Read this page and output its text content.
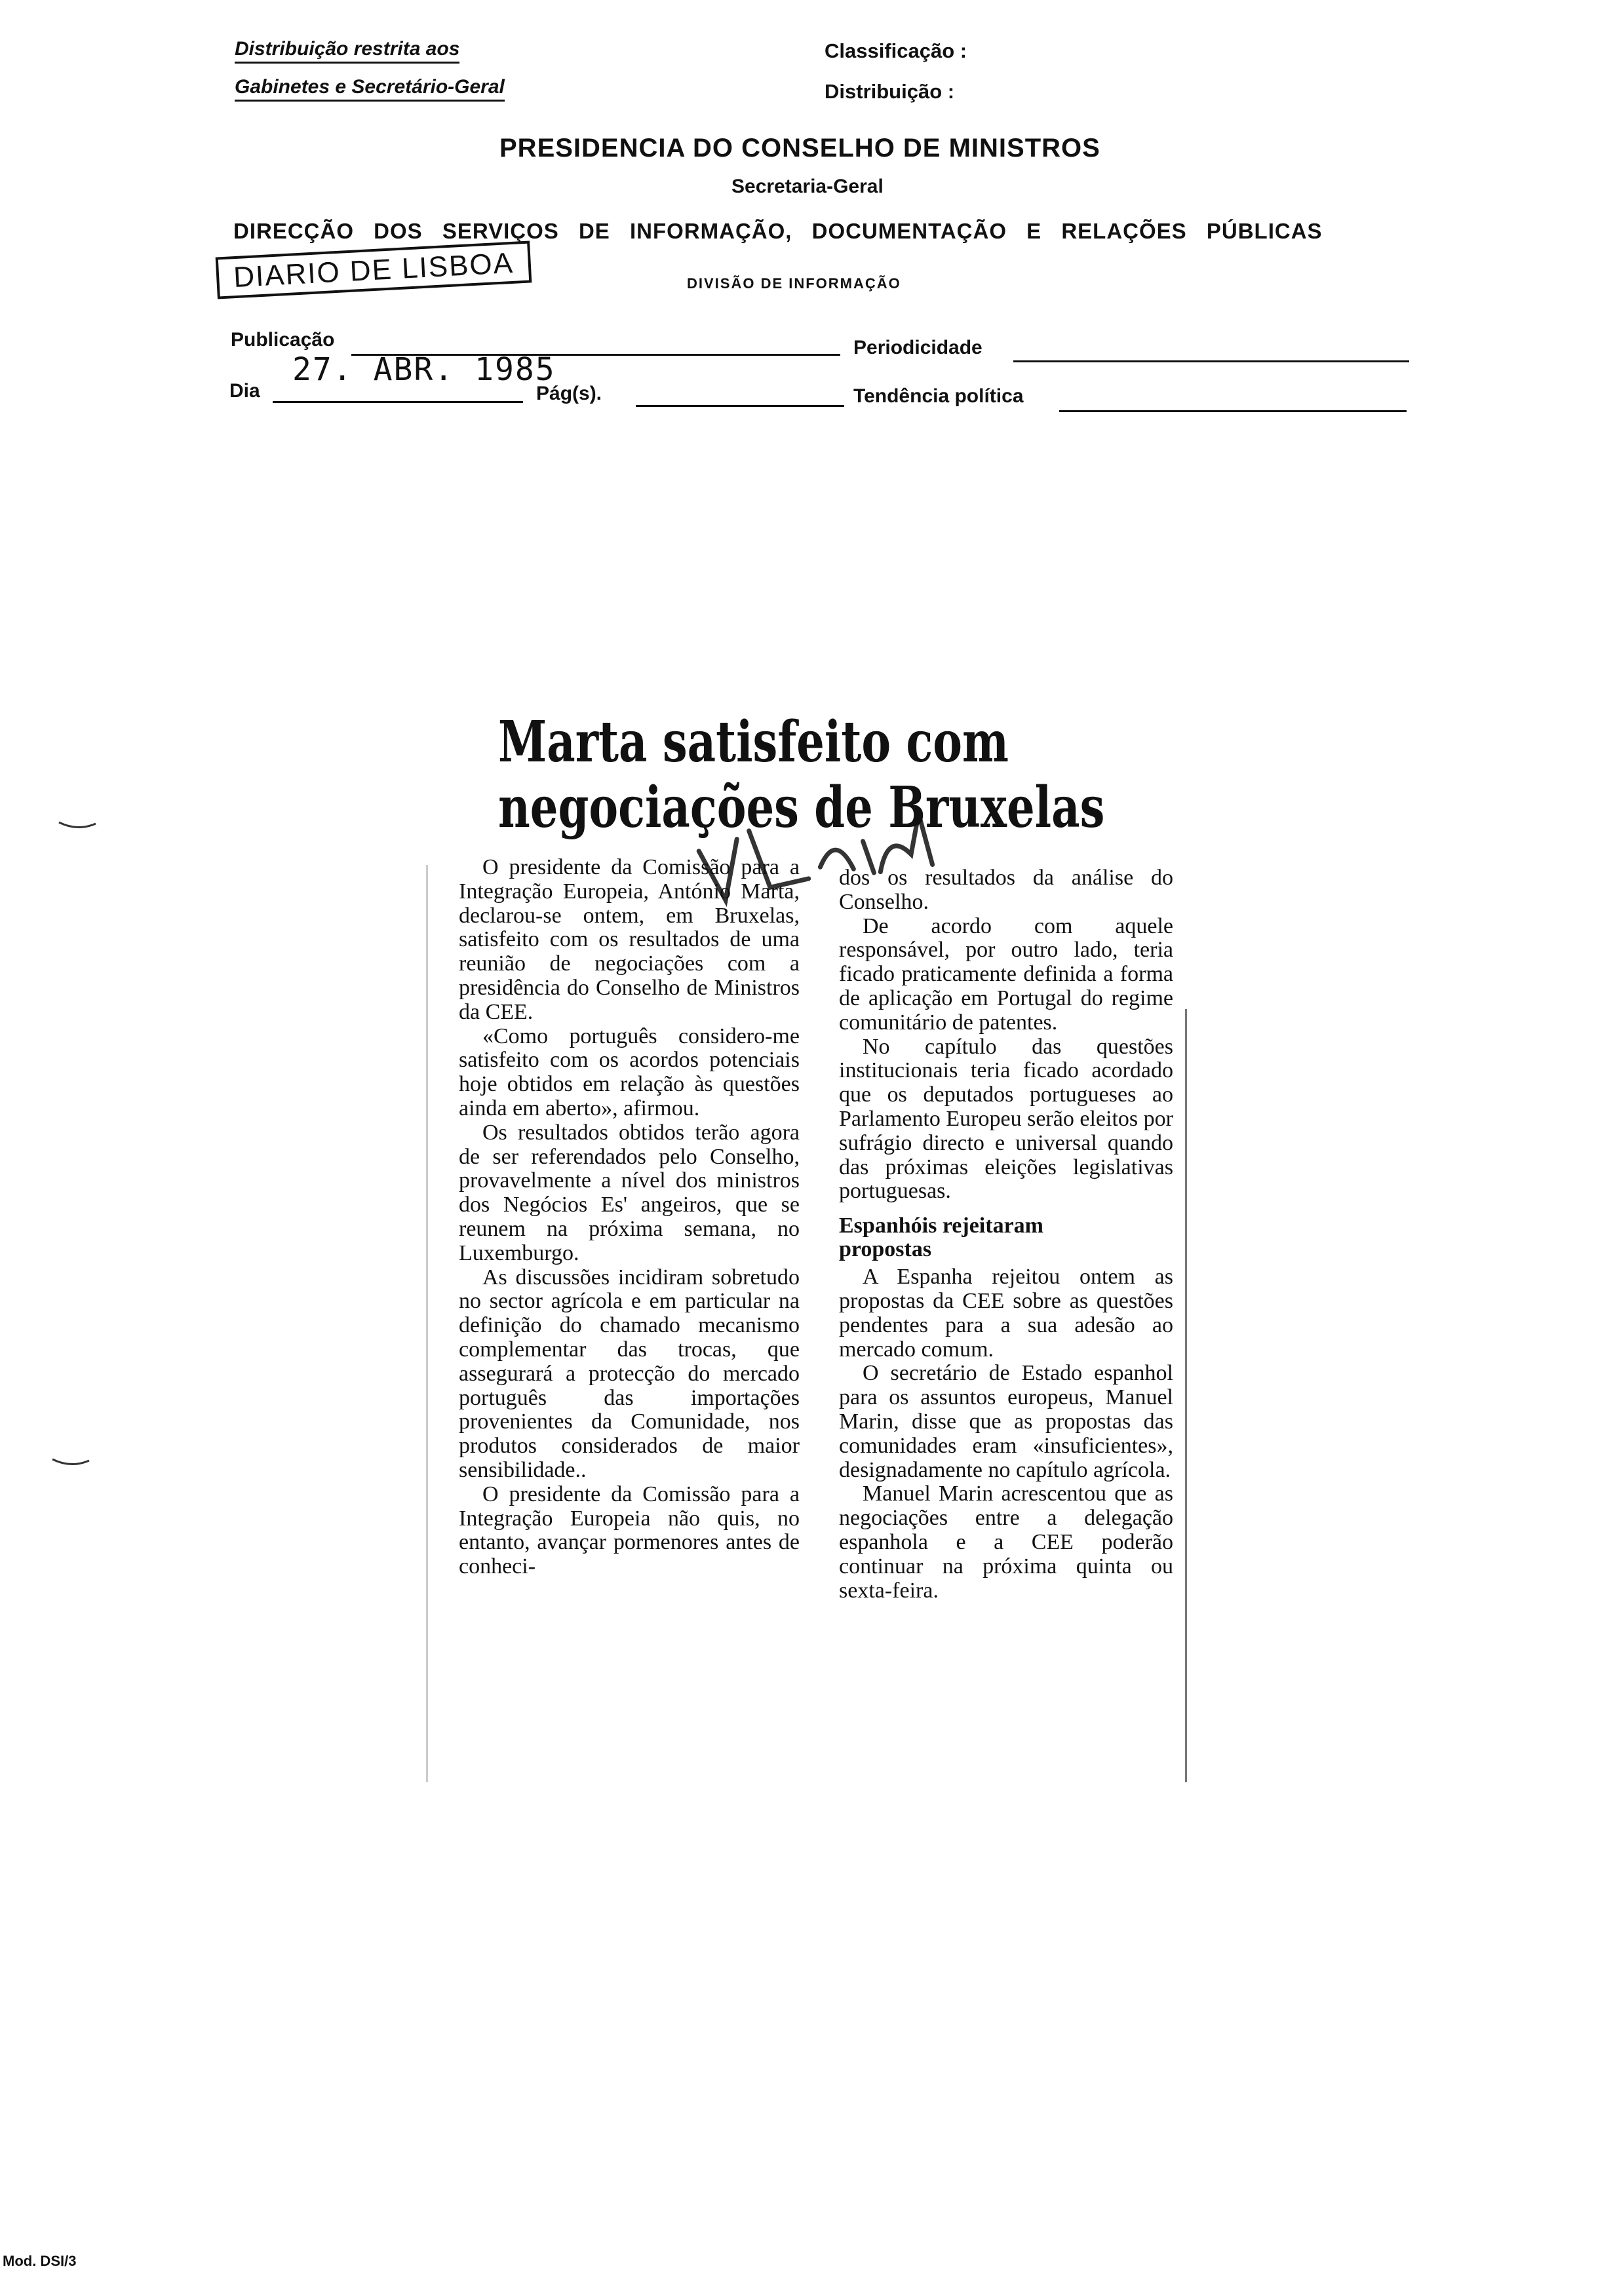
Distribuição restrita aos
Gabinetes e Secretário-Geral
Classificação :
Distribuição :
PRESIDENCIA DO CONSELHO DE MINISTROS
Secretaria-Geral
DIRECÇÃO DOS SERVIÇOS DE INFORMAÇÃO, DOCUMENTAÇÃO E RELAÇÕES PÚBLICAS
DIARIO DE LISBOA	DIVISÃO DE INFORMAÇÃO
Publicação	Periodicidade
Dia
27. ABR. 1985
Pág(s).	Tendência política
Marta satisfeito com
negociações de Bruxelas

O presidente da Comissão para a Integração Europeia, António Marta, declarou-se ontem, em Bruxelas, satisfeito com os resultados de uma reunião de negociações com a presidência do Conselho de Ministros da CEE.

«Como português considero-me satisfeito com os acordos potenciais hoje obtidos em relação às questões ainda em aberto», afirmou.

Os resultados obtidos terão agora de ser referendados pelo Conselho, provavelmente a nível dos ministros dos Negócios Es' angeiros, que se reunem na próxima semana, no Luxemburgo.

As discussões incidiram sobretudo no sector agrícola e em particular na definição do chamado mecanismo complementar das trocas, que assegurará a protecção do mercado português das importações provenientes da Comunidade, nos produtos considerados de maior sensibilidade..

O presidente da Comissão para a Integração Europeia não quis, no entanto, avançar pormenores antes de conheci-

dos os resultados da análise do Conselho.

De acordo com aquele responsável, por outro lado, teria ficado praticamente definida a forma de aplicação em Portugal do regime comunitário de patentes.

No capítulo das questões institucionais teria ficado acordado que os deputados portugueses ao Parlamento Europeu serão eleitos por sufrágio directo e universal quando das próximas eleições legislativas portuguesas.

Espanhóis rejeitaram
propostas

A Espanha rejeitou ontem as propostas da CEE sobre as questões pendentes para a sua adesão ao mercado comum.

O secretário de Estado espanhol para os assuntos europeus, Manuel Marin, disse que as propostas das comunidades eram «insuficientes», designadamente no capítulo agrícola.

Manuel Marin acrescentou que as negociações entre a delegação espanhola e a CEE poderão continuar na próxima quinta ou sexta-feira.

Mod. DSI/3
